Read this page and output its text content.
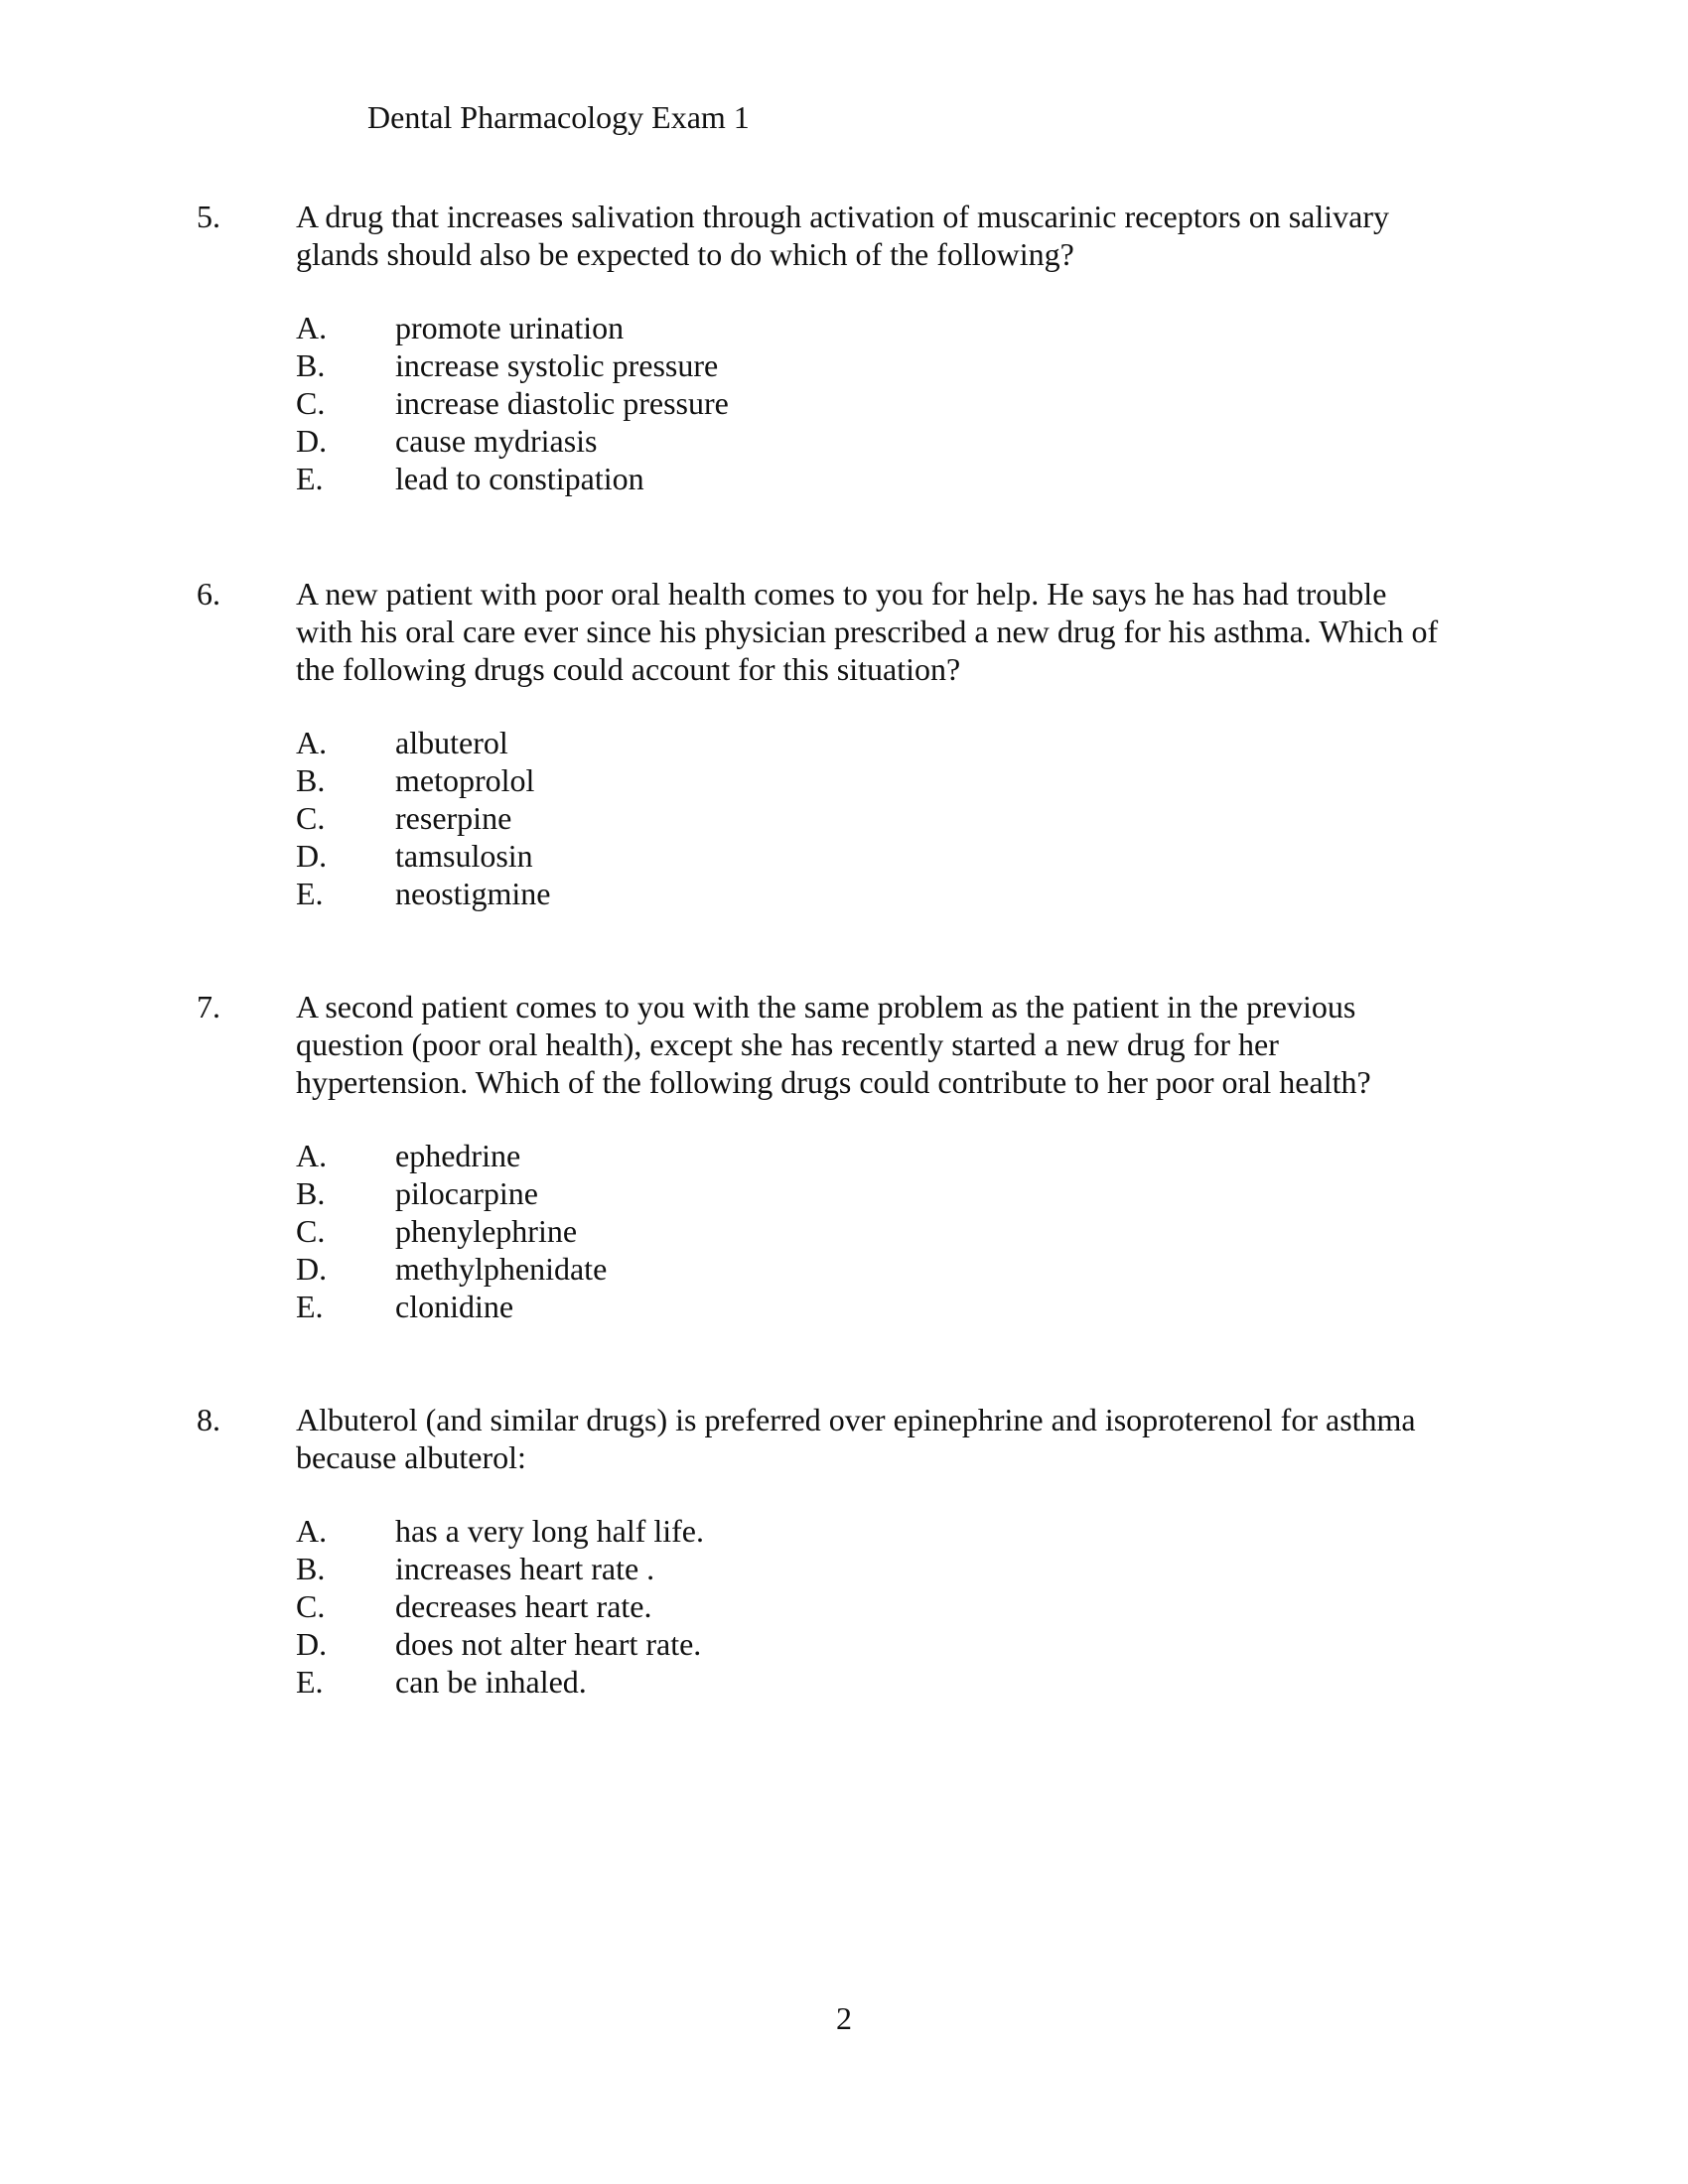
Dental Pharmacology Exam 1
5.	A drug that increases salivation through activation of muscarinic receptors on salivary
glands should also be expected to do which of the following?
A.	promote urination
B.	increase systolic pressure
C.	increase diastolic pressure
D.	cause mydriasis
E.	lead to constipation
6.	A new patient with poor oral health comes to you for help. He says he has had trouble
with his oral care ever since his physician prescribed a new drug for his asthma. Which of
the following drugs could account for this situation?
A.	albuterol
B.	metoprolol
C.	reserpine
D.	tamsulosin
E.	neostigmine
7.	A second patient comes to you with the same problem as the patient in the previous
question (poor oral health), except she has recently started a new drug for her
hypertension. Which of the following drugs could contribute to her poor oral health?
A.	ephedrine
B.	pilocarpine
C.	phenylephrine
D.	methylphenidate
E.	clonidine
8.	Albuterol (and similar drugs) is preferred over epinephrine and isoproterenol for asthma
because albuterol:
A.	has a very long half life.
B.	increases heart rate .
C.	decreases heart rate.
D.	does not alter heart rate.
E.	can be inhaled.
2
